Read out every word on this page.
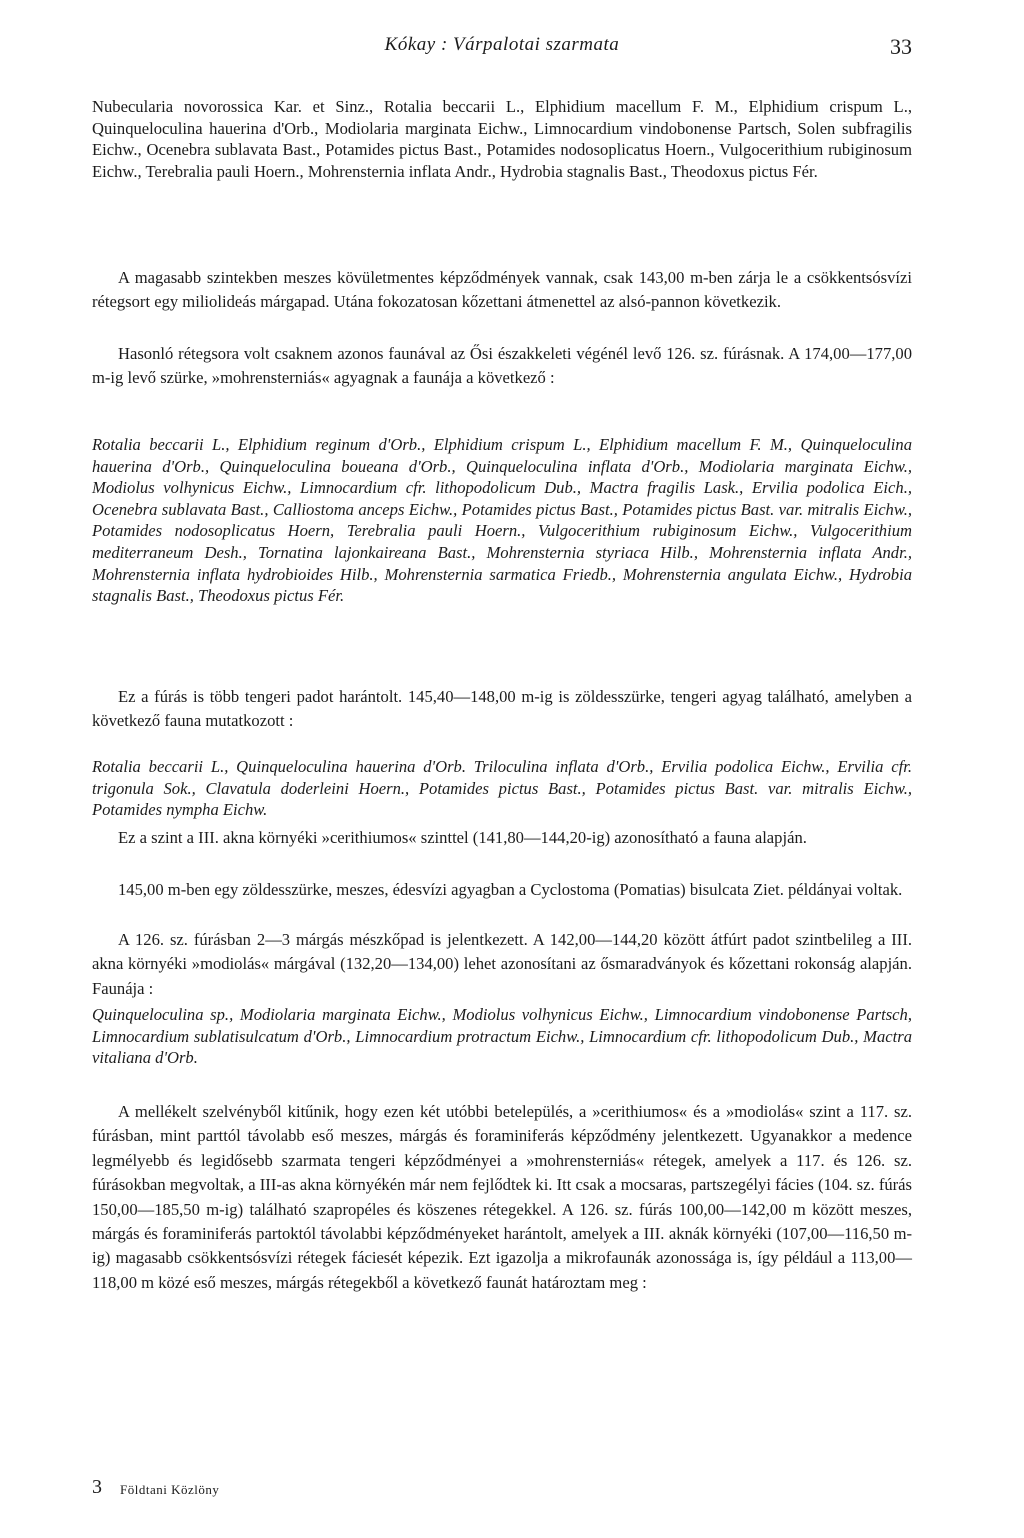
Kókay : Várpalotai szarmata	33

Nubecularia novorossica Kar. et Sinz., Rotalia beccarii L., Elphidium macellum F. M., Elphidium crispum L., Quinqueloculina hauerina d'Orb., Modiolaria marginata Eichw., Limnocardium vindobonense Partsch, Solen subfragilis Eichw., Ocenebra sublavata Bast., Potamides pictus Bast., Potamides nodosoplicatus Hoern., Vulgocerithium rubiginosum Eichw., Terebralia pauli Hoern., Mohrensternia inflata Andr., Hydrobia stagnalis Bast., Theodoxus pictus Fér.

A magasabb szintekben meszes kövületmentes képződmények vannak, csak 143,00 m-ben zárja le a csökkentsósvízi rétegsort egy miliolideás márgapad. Utána fokozatosan kőzettani átmenettel az alsó-pannon következik.

Hasonló rétegsora volt csaknem azonos faunával az Ősi északkeleti végénél levő 126. sz. fúrásnak. A 174,00—177,00 m-ig levő szürke, »mohrensterniás« agyagnak a faunája a következő :

Rotalia beccarii L., Elphidium reginum d'Orb., Elphidium crispum L., Elphidium macellum F. M., Quinqueloculina hauerina d'Orb., Quinqueloculina boueana d'Orb., Quinqueloculina inflata d'Orb., Modiolaria marginata Eichw., Modiolus volhynicus Eichw., Limnocardium cfr. lithopodolicum Dub., Mactra fragilis Lask., Ervilia podolica Eich., Ocenebra sublavata Bast., Calliostoma anceps Eichw., Potamides pictus Bast., Potamides pictus Bast. var. mitralis Eichw., Potamides nodosoplicatus Hoern, Terebralia pauli Hoern., Vulgocerithium rubiginosum Eichw., Vulgocerithium mediterraneum Desh., Tornatina lajonkaireana Bast., Mohrensternia styriaca Hilb., Mohrensternia inflata Andr., Mohrensternia inflata hydrobioides Hilb., Mohrensternia sarmatica Friedb., Mohrensternia angulata Eichw., Hydrobia stagnalis Bast., Theodoxus pictus Fér.

Ez a fúrás is több tengeri padot harántolt. 145,40—148,00 m-ig is zöldesszürke, tengeri agyag található, amelyben a következő fauna mutatkozott :

Rotalia beccarii L., Quinqueloculina hauerina d'Orb. Triloculina inflata d'Orb., Ervilia podolica Eichw., Ervilia cfr. trigonula Sok., Clavatula doderleini Hoern., Potamides pictus Bast., Potamides pictus Bast. var. mitralis Eichw., Potamides nympha Eichw.

Ez a szint a III. akna környéki »cerithiumos« szinttel (141,80—144,20-ig) azonosítható a fauna alapján.

145,00 m-ben egy zöldesszürke, meszes, édesvízi agyagban a Cyclostoma (Pomatias) bisulcata Ziet. példányai voltak.

A 126. sz. fúrásban 2—3 márgás mészkőpad is jelentkezett. A 142,00—144,20 között átfúrt padot szintbelileg a III. akna környéki »modiolás« márgával (132,20—134,00) lehet azonosítani az ősmaradványok és kőzettani rokonság alapján. Faunája :

Quinqueloculina sp., Modiolaria marginata Eichw., Modiolus volhynicus Eichw., Limnocardium vindobonense Partsch, Limnocardium sublatisulcatum d'Orb., Limnocardium protractum Eichw., Limnocardium cfr. lithopodolicum Dub., Mactra vitaliana d'Orb.

A mellékelt szelvényből kitűnik, hogy ezen két utóbbi betelepülés, a »cerithiumos« és a »modiolás« szint a 117. sz. fúrásban, mint parttól távolabb eső meszes, márgás és foraminiferás képződmény jelentkezett. Ugyanakkor a medence legmélyebb és legidősebb szarmata tengeri képződményei a »mohrensterniás« rétegek, amelyek a 117. és 126. sz. fúrásokban megvoltak, a III-as akna környékén már nem fejlődtek ki. Itt csak a mocsaras, partszegélyi fácies (104. sz. fúrás 150,00—185,50 m-ig) található szapropéles és köszenes rétegekkel. A 126. sz. fúrás 100,00—142,00 m között meszes, márgás és foraminiferás partoktól távolabbi képződményeket harántolt, amelyek a III. aknák környéki (107,00—116,50 m-ig) magasabb csökkentsósvízi rétegek fáciesét képezik. Ezt igazolja a mikrofaunák azonossága is, így például a 113,00—118,00 m közé eső meszes, márgás rétegekből a következő faunát határoztam meg :

3 Földtani Közlöny
